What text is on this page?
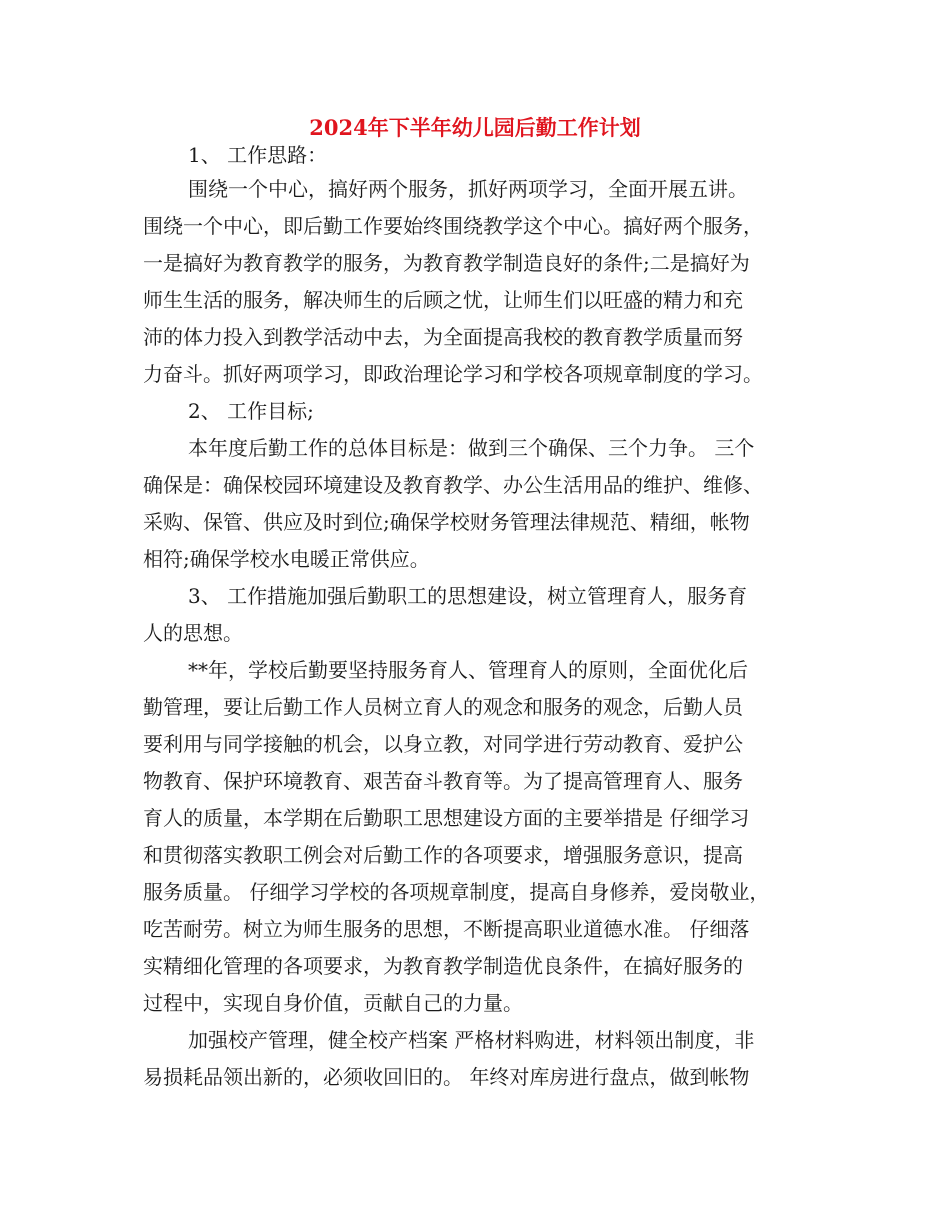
2024年下半年幼儿园后勤工作计划
1、 工作思路：
围绕一个中心，搞好两个服务，抓好两项学习，全面开展五讲。
围绕一个中心，即后勤工作要始终围绕教学这个中心。搞好两个服务，
一是搞好为教育教学的服务，为教育教学制造良好的条件;二是搞好为
师生生活的服务，解决师生的后顾之忧，让师生们以旺盛的精力和充
沛的体力投入到教学活动中去，为全面提高我校的教育教学质量而努
力奋斗。抓好两项学习，即政治理论学习和学校各项规章制度的学习。
2、 工作目标;
本年度后勤工作的总体目标是：做到三个确保、三个力争。 三个
确保是：确保校园环境建设及教育教学、办公生活用品的维护、维修、
采购、保管、供应及时到位;确保学校财务管理法律规范、精细，帐物
相符;确保学校水电暖正常供应。
3、 工作措施加强后勤职工的思想建设，树立管理育人，服务育
人的思想。
**年，学校后勤要坚持服务育人、管理育人的原则，全面优化后
勤管理，要让后勤工作人员树立育人的观念和服务的观念，后勤人员
要利用与同学接触的机会，以身立教，对同学进行劳动教育、爱护公
物教育、保护环境教育、艰苦奋斗教育等。为了提高管理育人、服务
育人的质量，本学期在后勤职工思想建设方面的主要举措是 仔细学习
和贯彻落实教职工例会对后勤工作的各项要求，增强服务意识，提高
服务质量。 仔细学习学校的各项规章制度，提高自身修养，爱岗敬业，
吃苦耐劳。树立为师生服务的思想，不断提高职业道德水准。 仔细落
实精细化管理的各项要求，为教育教学制造优良条件，在搞好服务的
过程中，实现自身价值，贡献自己的力量。
加强校产管理，健全校产档案 严格材料购进，材料领出制度，非
易损耗品领出新的，必须收回旧的。 年终对库房进行盘点，做到帐物
